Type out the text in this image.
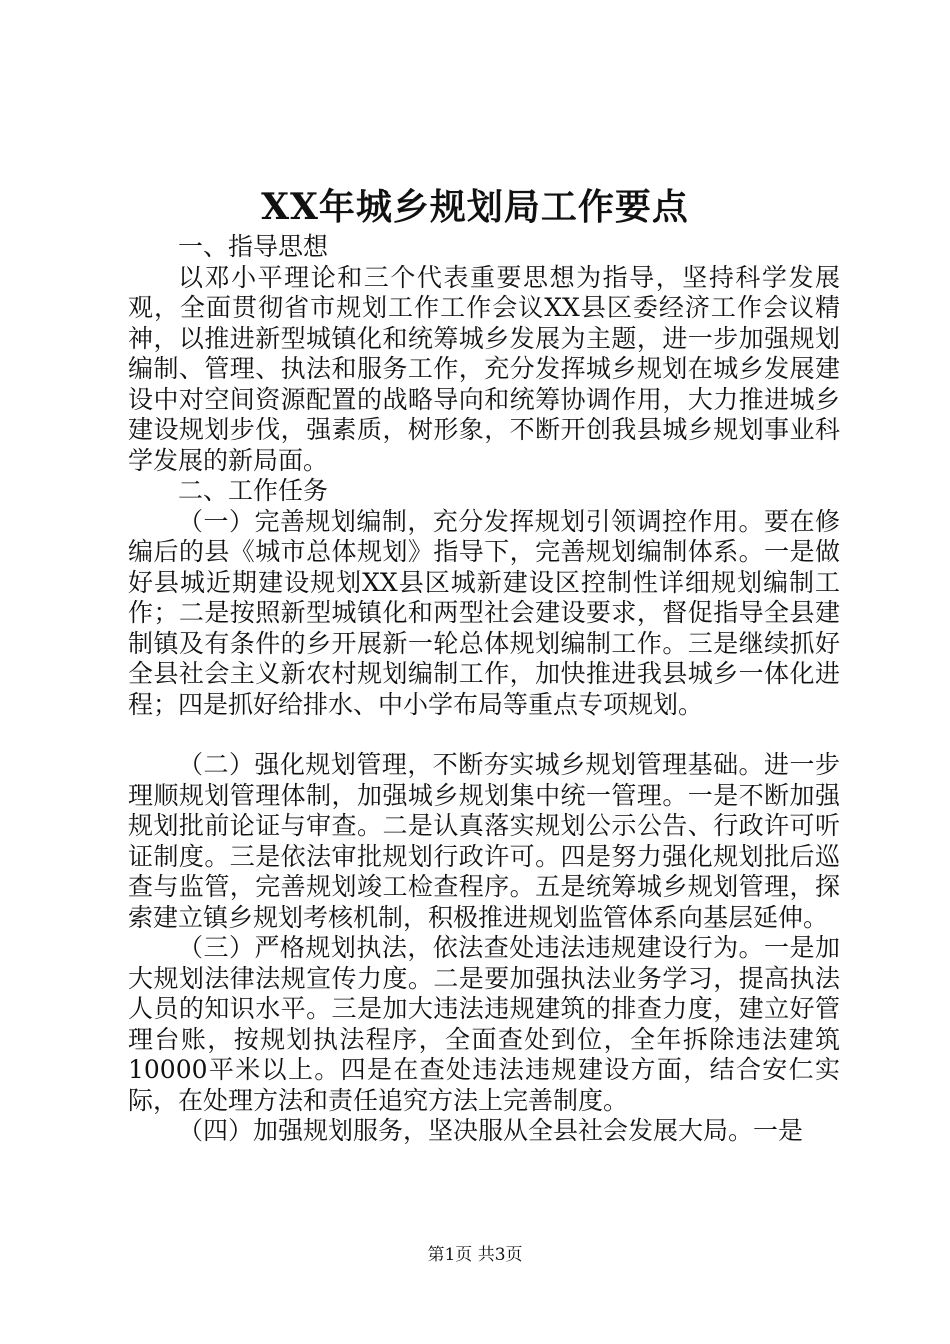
XX年城乡规划局工作要点

一、指导思想

以邓小平理论和三个代表重要思想为指导，坚持科学发展观，全面贯彻省市规划工作工作会议XX县区委经济工作会议精神，以推进新型城镇化和统筹城乡发展为主题，进一步加强规划编制、管理、执法和服务工作，充分发挥城乡规划在城乡发展建设中对空间资源配置的战略导向和统筹协调作用，大力推进城乡建设规划步伐，强素质，树形象，不断开创我县城乡规划事业科学发展的新局面。

二、工作任务

（一）完善规划编制，充分发挥规划引领调控作用。要在修编后的县《城市总体规划》指导下，完善规划编制体系。一是做好县城近期建设规划XX县区城新建设区控制性详细规划编制工作；二是按照新型城镇化和两型社会建设要求，督促指导全县建制镇及有条件的乡开展新一轮总体规划编制工作。三是继续抓好全县社会主义新农村规划编制工作，加快推进我县城乡一体化进程；四是抓好给排水、中小学布局等重点专项规划。

（二）强化规划管理，不断夯实城乡规划管理基础。进一步理顺规划管理体制，加强城乡规划集中统一管理。一是不断加强规划批前论证与审查。二是认真落实规划公示公告、行政许可听证制度。三是依法审批规划行政许可。四是努力强化规划批后巡查与监管，完善规划竣工检查程序。五是统筹城乡规划管理，探索建立镇乡规划考核机制，积极推进规划监管体系向基层延伸。

（三）严格规划执法，依法查处违法违规建设行为。一是加大规划法律法规宣传力度。二是要加强执法业务学习，提高执法人员的知识水平。三是加大违法违规建筑的排查力度，建立好管理台账，按规划执法程序，全面查处到位，全年拆除违法建筑10000平米以上。四是在查处违法违规建设方面，结合安仁实际，在处理方法和责任追究方法上完善制度。

（四）加强规划服务，坚决服从全县社会发展大局。一是

第1页 共3页
